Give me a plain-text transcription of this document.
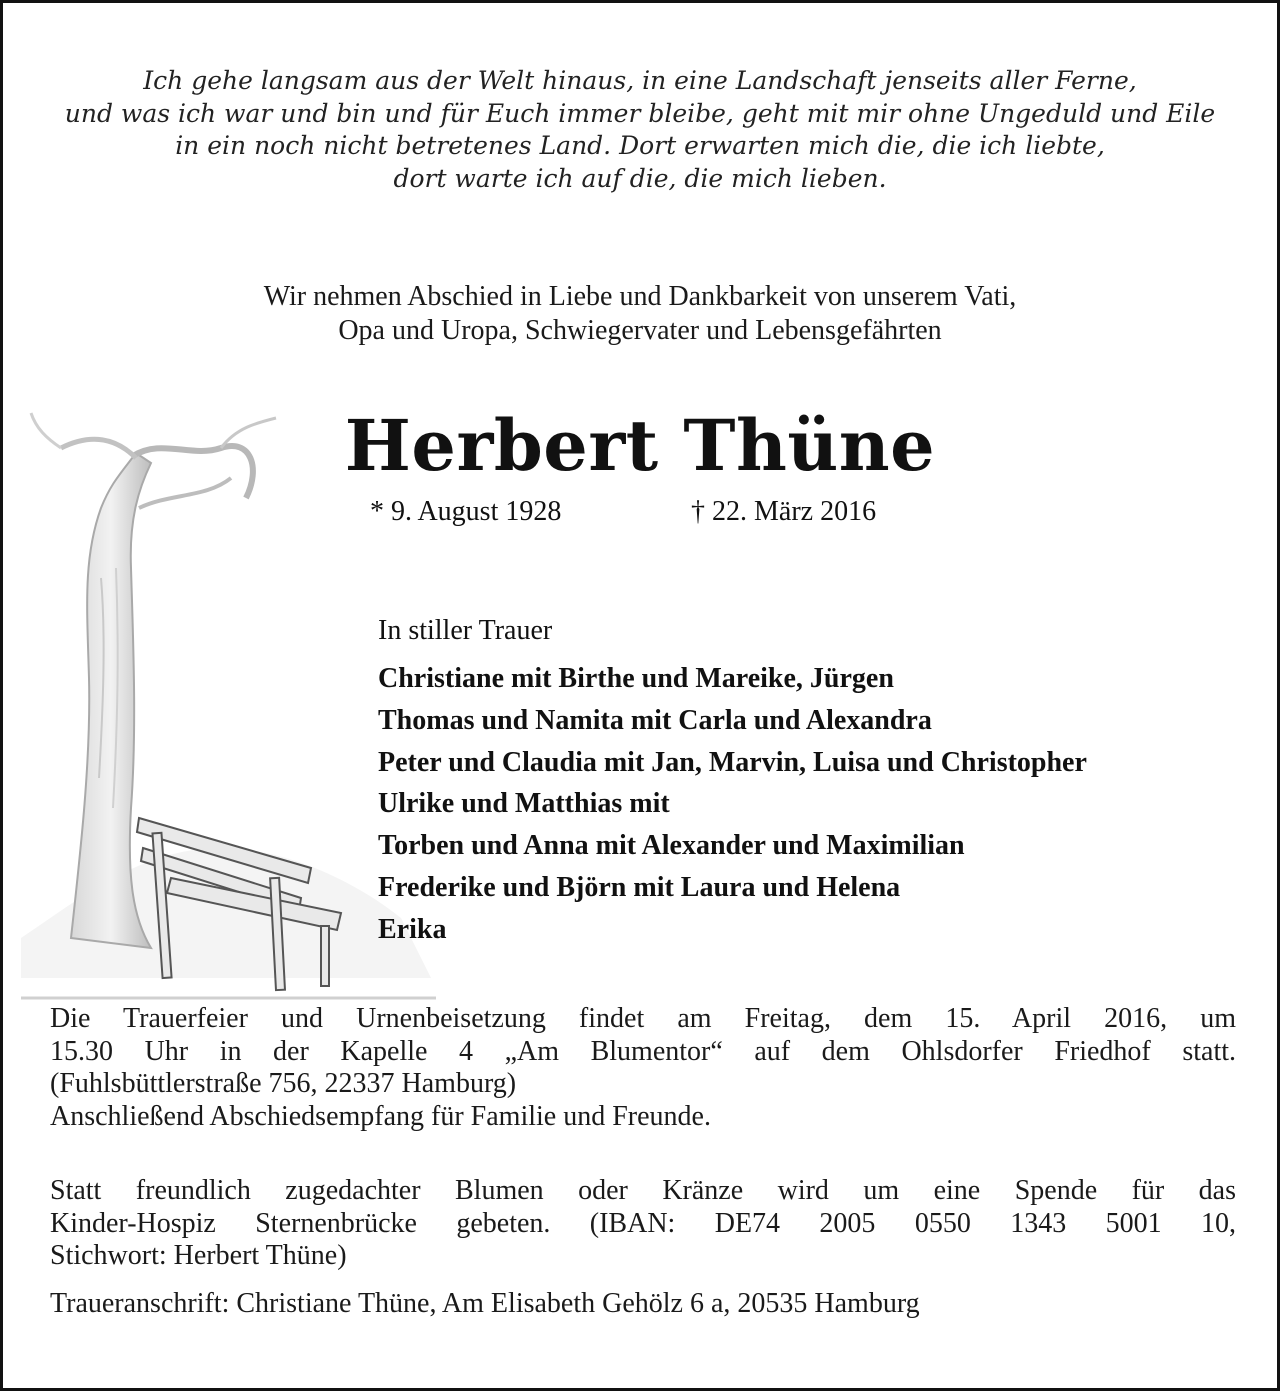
Ich gehe langsam aus der Welt hinaus, in eine Landschaft jenseits aller Ferne,
und was ich war und bin und für Euch immer bleibe, geht mit mir ohne Ungeduld und Eile
in ein noch nicht betretenes Land. Dort erwarten mich die, die ich liebte,
dort warte ich auf die, die mich lieben.
Wir nehmen Abschied in Liebe und Dankbarkeit von unserem Vati,
Opa und Uropa, Schwiegervater und Lebensgefährten
Herbert Thüne
* 9. August 1928	† 22. März 2016
In stiller Trauer
Christiane mit Birthe und Mareike, Jürgen
Thomas und Namita mit Carla und Alexandra
Peter und Claudia mit Jan, Marvin, Luisa und Christopher
Ulrike und Matthias mit
Torben und Anna mit Alexander und Maximilian
Frederike und Björn mit Laura und Helena
Erika
Die Trauerfeier und Urnenbeisetzung findet am Freitag, dem 15. April 2016, um
15.30 Uhr in der Kapelle 4 „Am Blumentor“ auf dem Ohlsdorfer Friedhof statt.
(Fuhlsbüttlerstraße 756, 22337 Hamburg)
Anschließend Abschiedsempfang für Familie und Freunde.
Statt freundlich zugedachter Blumen oder Kränze wird um eine Spende für das
Kinder-Hospiz Sternenbrücke gebeten. (IBAN: DE74 2005 0550 1343 5001 10,
Stichwort: Herbert Thüne)
Traueranschrift: Christiane Thüne, Am Elisabeth Gehölz 6 a, 20535 Hamburg
